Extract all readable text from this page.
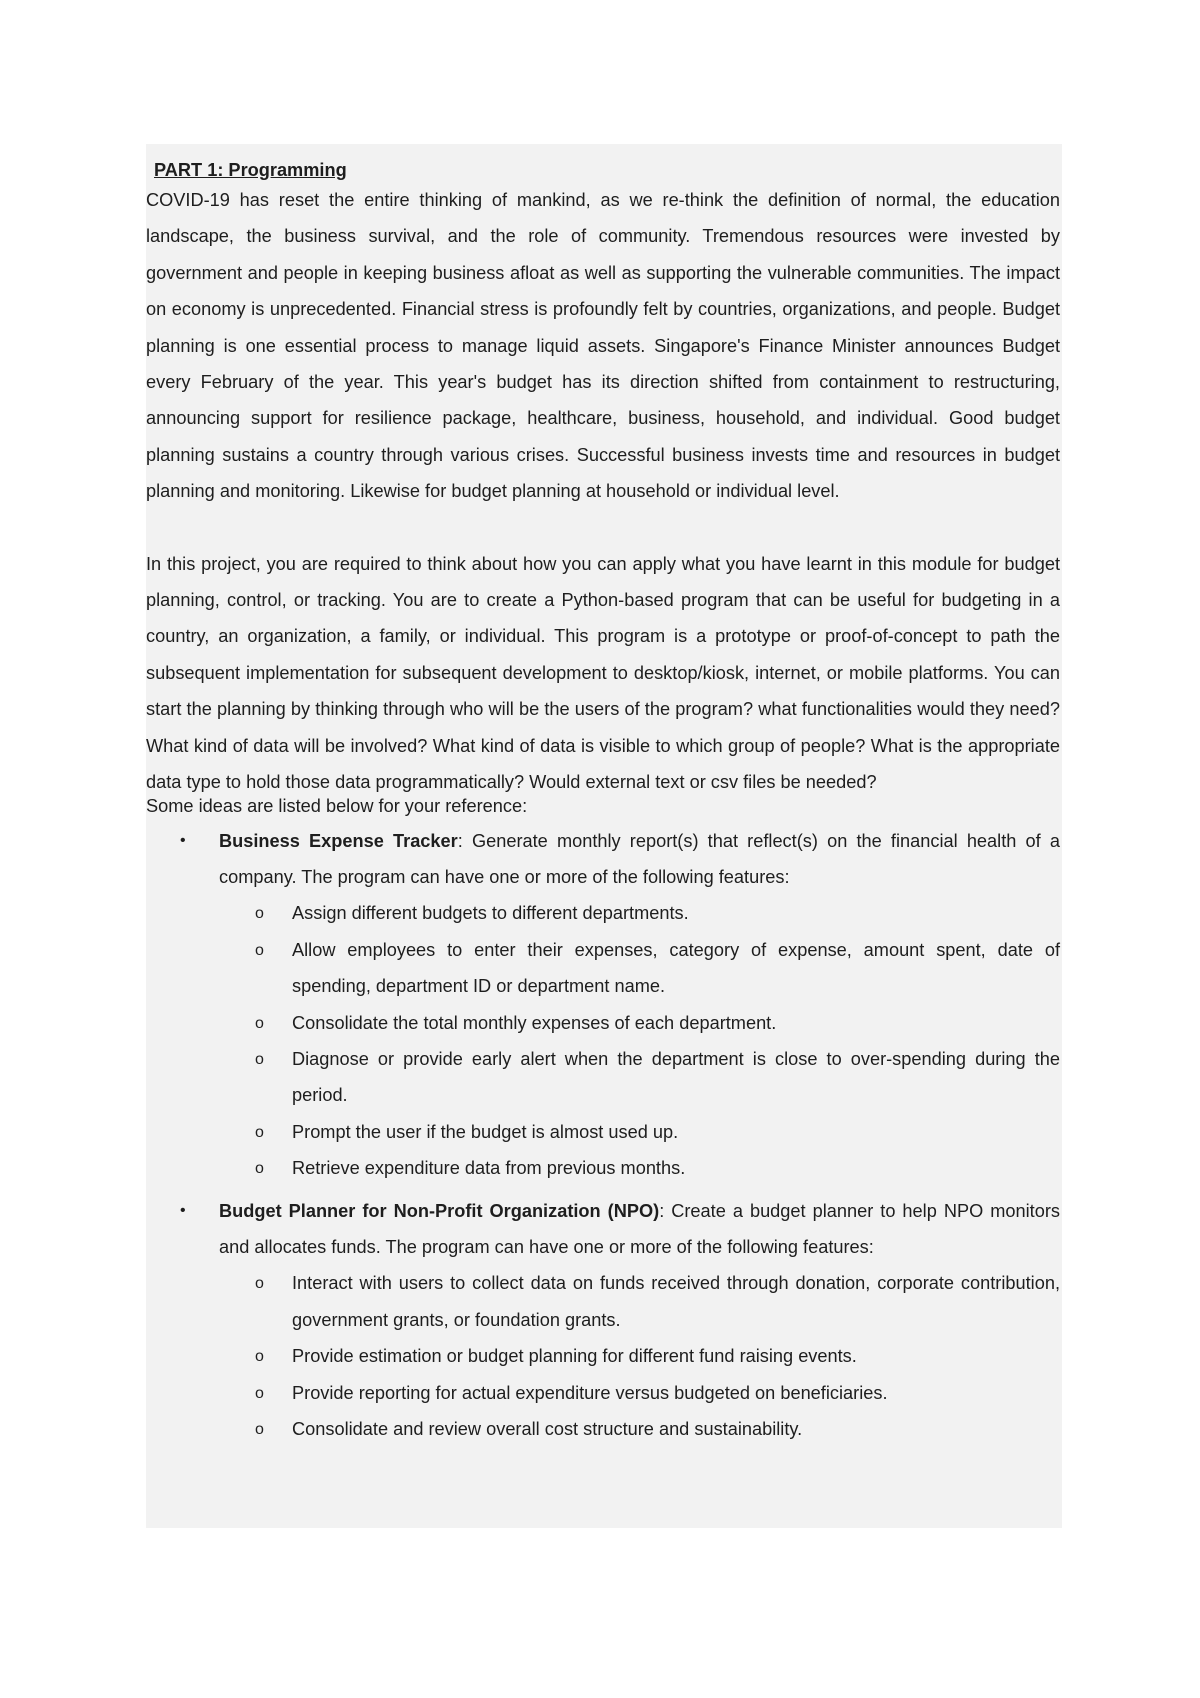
PART 1: Programming

COVID-19 has reset the entire thinking of mankind, as we re-think the definition of normal, the education landscape, the business survival, and the role of community. Tremendous resources were invested by government and people in keeping business afloat as well as supporting the vulnerable communities. The impact on economy is unprecedented. Financial stress is profoundly felt by countries, organizations, and people. Budget planning is one essential process to manage liquid assets. Singapore's Finance Minister announces Budget every February of the year. This year's budget has its direction shifted from containment to restructuring, announcing support for resilience package, healthcare, business, household, and individual. Good budget planning sustains a country through various crises. Successful business invests time and resources in budget planning and monitoring. Likewise for budget planning at household or individual level.

In this project, you are required to think about how you can apply what you have learnt in this module for budget planning, control, or tracking. You are to create a Python-based program that can be useful for budgeting in a country, an organization, a family, or individual. This program is a prototype or proof-of-concept to path the subsequent implementation for subsequent development to desktop/kiosk, internet, or mobile platforms. You can start the planning by thinking through who will be the users of the program? what functionalities would they need? What kind of data will be involved? What kind of data is visible to which group of people? What is the appropriate data type to hold those data programmatically? Would external text or csv files be needed?

Some ideas are listed below for your reference:

• Business Expense Tracker: Generate monthly report(s) that reflect(s) on the financial health of a company. The program can have one or more of the following features:
o Assign different budgets to different departments.
o Allow employees to enter their expenses, category of expense, amount spent, date of spending, department ID or department name.
o Consolidate the total monthly expenses of each department.
o Diagnose or provide early alert when the department is close to over-spending during the period.
o Prompt the user if the budget is almost used up.
o Retrieve expenditure data from previous months.
• Budget Planner for Non-Profit Organization (NPO): Create a budget planner to help NPO monitors and allocates funds. The program can have one or more of the following features:
o Interact with users to collect data on funds received through donation, corporate contribution, government grants, or foundation grants.
o Provide estimation or budget planning for different fund raising events.
o Provide reporting for actual expenditure versus budgeted on beneficiaries.
o Consolidate and review overall cost structure and sustainability.
